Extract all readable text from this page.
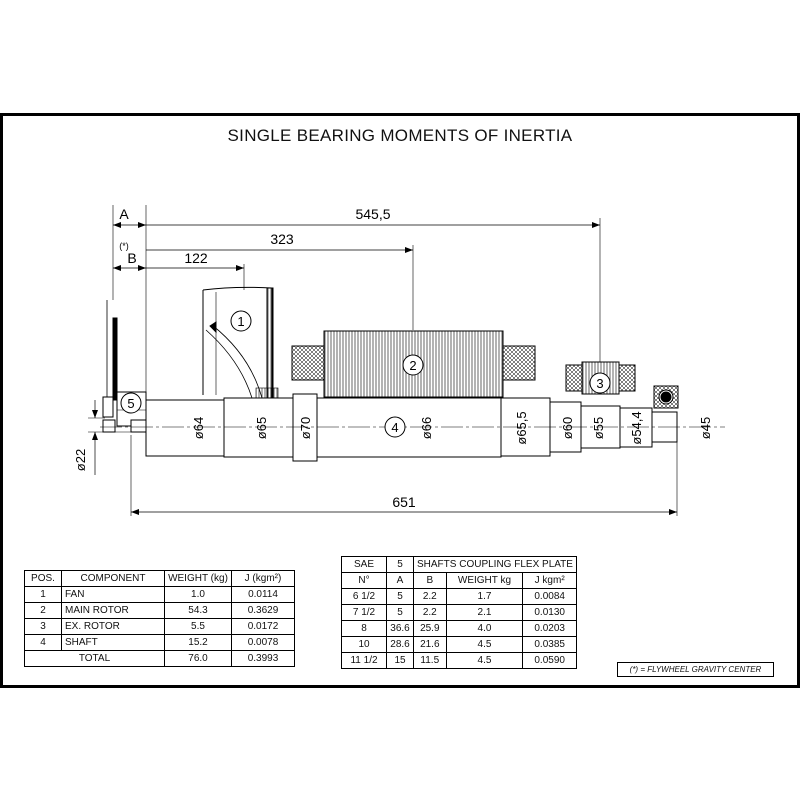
SINGLE BEARING MOMENTS OF INERTIA
A	545,5
323
(*)
B	122
651
ø22
ø64	ø65 ø70	ø66	ø65,5 ø60 ø55 ø54,4	ø45
1
2
3
4
5
POS.	COMPONENT	WEIGHT (kg)	J (kgm²)
1	FAN	1.0	0.0114
2	MAIN ROTOR	54.3	0.3629
3	EX. ROTOR	5.5	0.0172
4	SHAFT	15.2	0.0078
TOTAL		76.0	0.3993
SAE	5	SHAFTS COUPLING FLEX PLATE		
N°	A	B	WEIGHT kg	J kgm²
6 1/2	5	2.2	1.7	0.0084
7 1/2	5	2.2	2.1	0.0130
8	36.6	25.9	4.0	0.0203
10	28.6	21.6	4.5	0.0385
11 1/2	15	11.5	4.5	0.0590
(*) = FLYWHEEL GRAVITY CENTER
